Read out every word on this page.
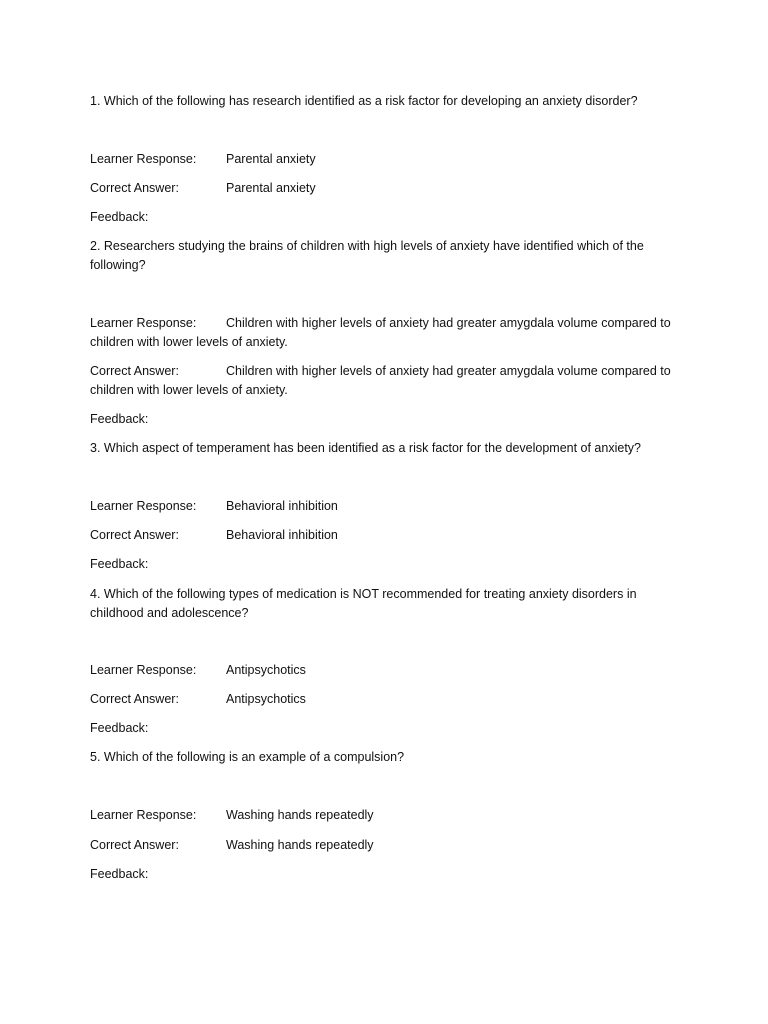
1. Which of the following has research identified as a risk factor for developing an anxiety disorder?
Learner Response: Parental anxiety
Correct Answer:	Parental anxiety
Feedback:
2. Researchers studying the brains of children with high levels of anxiety have identified which of the following?
Learner Response: Children with higher levels of anxiety had greater amygdala volume compared to children with lower levels of anxiety.
Correct Answer:	Children with higher levels of anxiety had greater amygdala volume compared to children with lower levels of anxiety.
Feedback:
3. Which aspect of temperament has been identified as a risk factor for the development of anxiety?
Learner Response: Behavioral inhibition
Correct Answer:	Behavioral inhibition
Feedback:
4. Which of the following types of medication is NOT recommended for treating anxiety disorders in childhood and adolescence?
Learner Response: Antipsychotics
Correct Answer:	Antipsychotics
Feedback:
5. Which of the following is an example of a compulsion?
Learner Response: Washing hands repeatedly
Correct Answer:	Washing hands repeatedly
Feedback:
